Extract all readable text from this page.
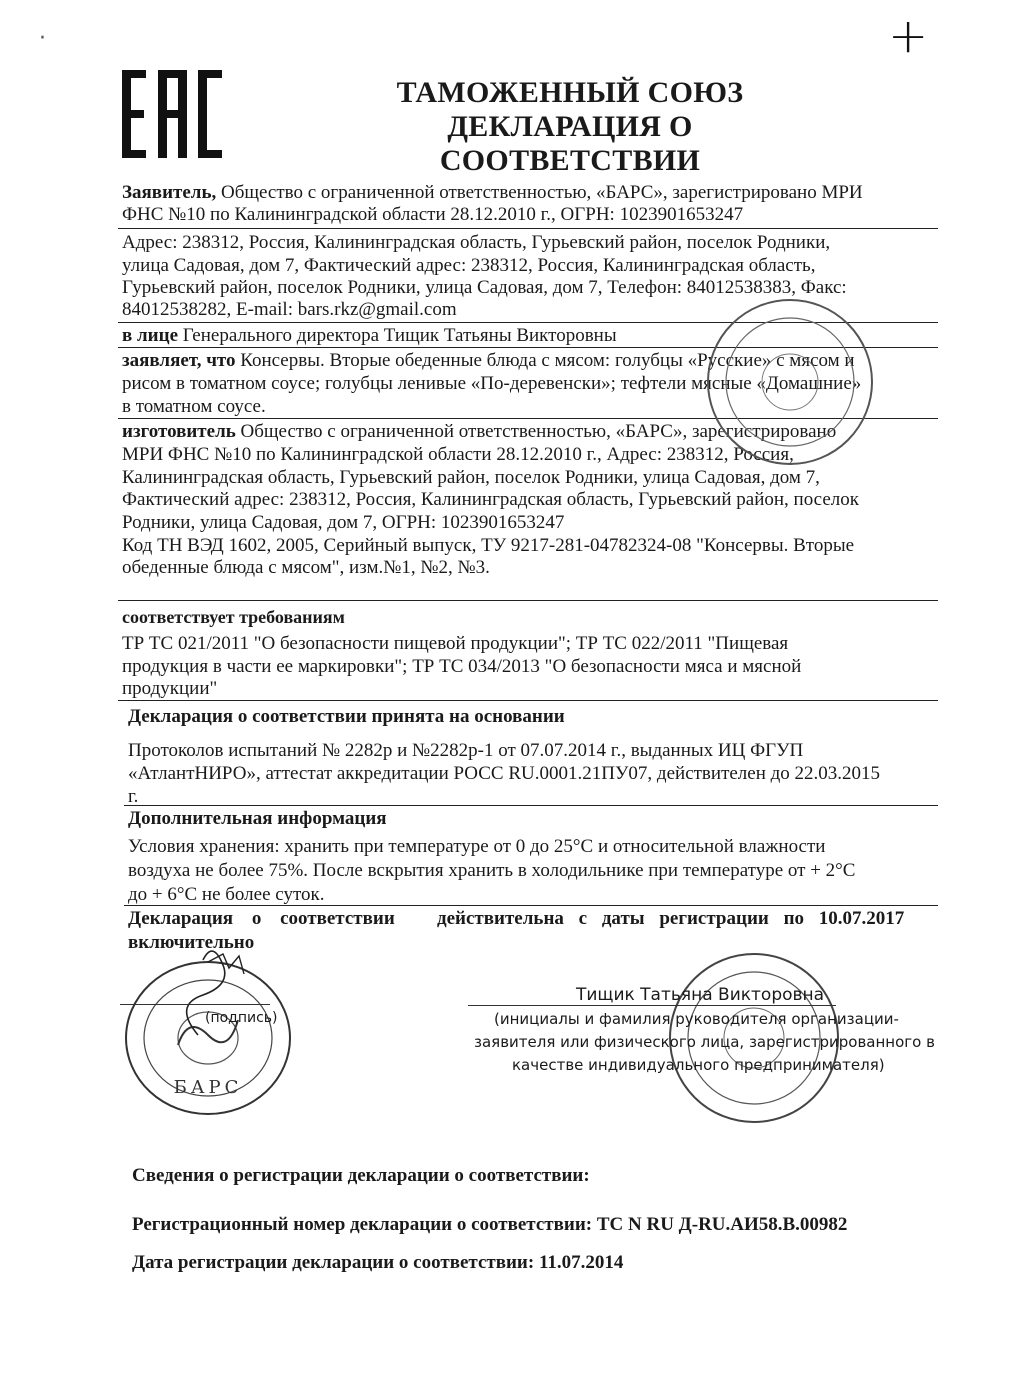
·	+
ТАМОЖЕННЫЙ СОЮЗ
ДЕКЛАРАЦИЯ О СООТВЕТСТВИИ
Заявитель, Общество с ограниченной ответственностью, «БАРС», зарегистрировано МРИ
ФНС №10 по Калининградской области 28.12.2010 г., ОГРН: 1023901653247
Адрес: 238312, Россия, Калининградская область, Гурьевский район, поселок Родники,
улица Садовая, дом 7, Фактический адрес: 238312, Россия, Калининградская область,
Гурьевский район, поселок Родники, улица Садовая, дом 7, Телефон: 84012538383, Факс:
84012538282, E-mail: bars.rkz@gmail.com
в лице Генерального директора Тищик Татьяны Викторовны
заявляет, что Консервы. Вторые обеденные блюда с мясом: голубцы «Русские» с мясом и
рисом в томатном соусе; голубцы ленивые «По-деревенски»; тефтели мясные «Домашние»
в томатном соусе.
изготовитель Общество с ограниченной ответственностью, «БАРС», зарегистрировано
МРИ ФНС №10 по Калининградской области 28.12.2010 г., Адрес: 238312, Россия,
Калининградская область, Гурьевский район, поселок Родники, улица Садовая, дом 7,
Фактический адрес: 238312, Россия, Калининградская область, Гурьевский район, поселок
Родники, улица Садовая, дом 7, ОГРН: 1023901653247
Код ТН ВЭД 1602, 2005, Серийный выпуск, ТУ 9217-281-04782324-08 "Консервы. Вторые
обеденные блюда с мясом", изм.№1, №2, №3.
соответствует требованиям
ТР ТС 021/2011 "О безопасности пищевой продукции"; ТР ТС 022/2011 "Пищевая
продукция в части ее маркировки"; ТР ТС 034/2013 "О безопасности мяса и мясной
продукции"
Декларация о соответствии принята на основании
Протоколов испытаний № 2282р и №2282р-1 от 07.07.2014 г., выданных ИЦ ФГУП
«АтлантНИРО», аттестат аккредитации РОСС RU.0001.21ПУ07, действителен до 22.03.2015
г.
Дополнительная информация
Условия хранения: хранить при температуре от 0 до 25°С и относительной влажности
воздуха не более 75%. После вскрытия хранить в холодильнике при температуре от + 2°С
до + 6°С не более суток.
Декларация о соответствии действительна с даты регистрации по 10.07.2017
включительно
БАРС
(подпись)
Тищик Татьяна Викторовна
(инициалы и фамилия руководителя организации-
заявителя или физического лица, зарегистрированного в
качестве индивидуального предпринимателя)
Сведения о регистрации декларации о соответствии:
Регистрационный номер декларации о соответствии: ТС N RU Д-RU.АИ58.В.00982
Дата регистрации декларации о соответствии: 11.07.2014
